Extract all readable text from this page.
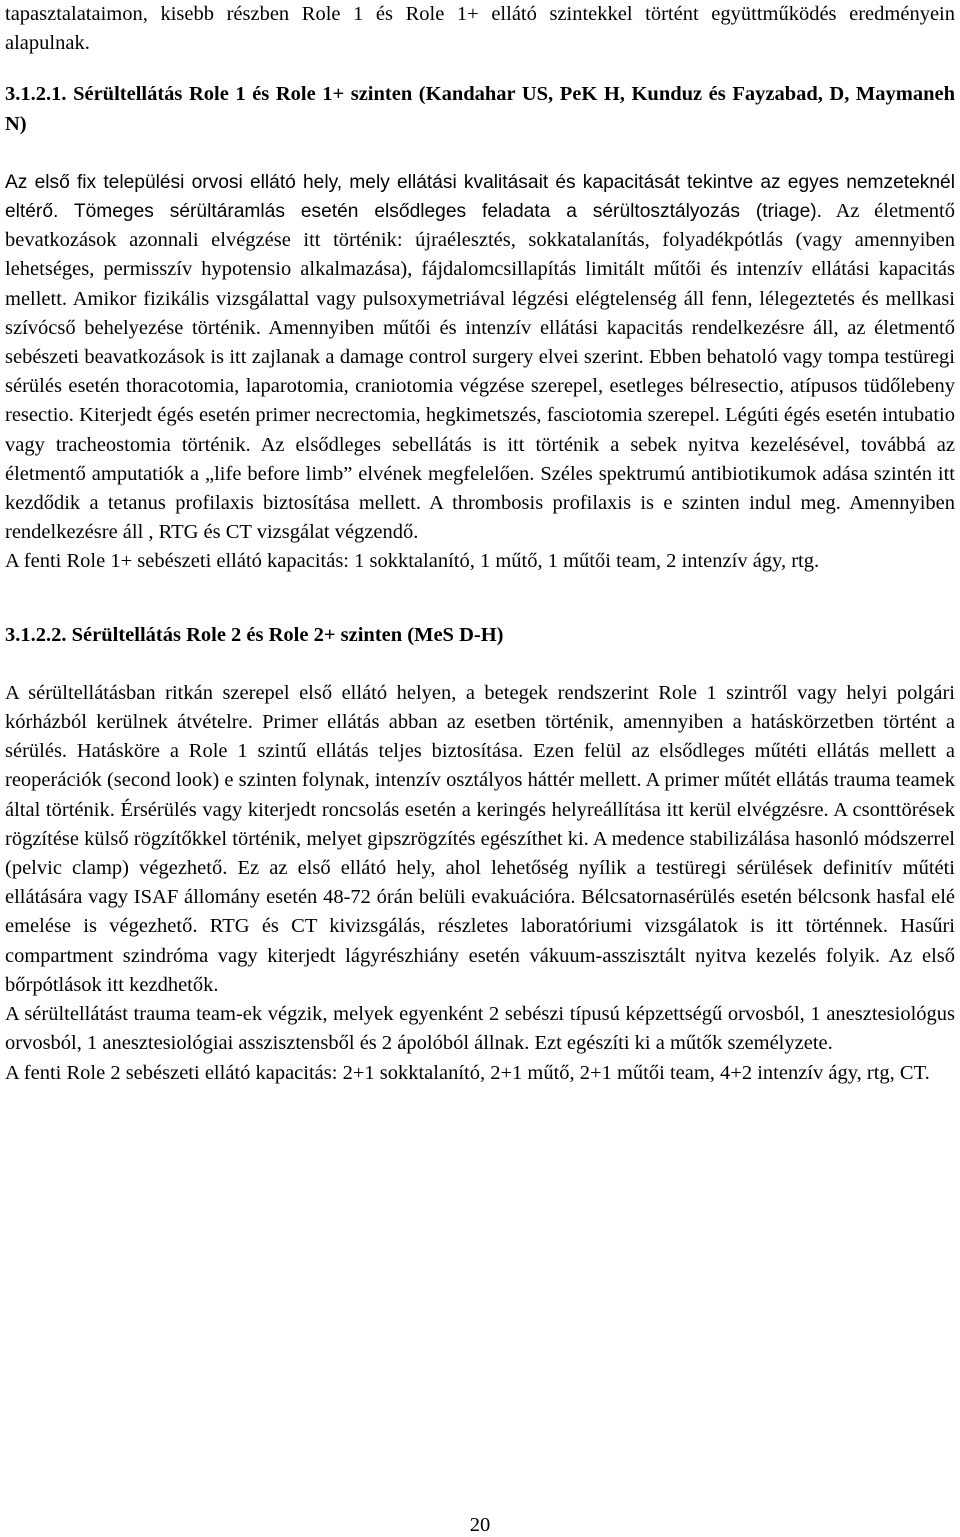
tapasztalataimon, kisebb részben Role 1 és Role 1+ ellátó szintekkel történt együttműködés eredményein alapulnak.

3.1.2.1. Sérültellátás Role 1 és Role 1+ szinten (Kandahar US, PeK H, Kunduz és Fayzabad, D, Maymaneh N)

Az első fix települési orvosi ellátó hely, mely ellátási kvalitásait és kapacitását tekintve az egyes nemzeteknél eltérő. Tömeges sérültáramlás esetén elsődleges feladata a sérültosztályozás (triage). Az életmentő bevatkozások azonnali elvégzése itt történik: újraélesztés, sokkatalanítás, folyadékpótlás (vagy amennyiben lehetséges, permisszív hypotensio alkalmazása), fájdalomcsillapítás limitált műtői és intenzív ellátási kapacitás mellett. Amikor fizikális vizsgálattal vagy pulsoxymetriával légzési elégtelenség áll fenn, lélegeztetés és mellkasi szívócső behelyezése történik. Amennyiben műtői és intenzív ellátási kapacitás rendelkezésre áll, az életmentő sebészeti beavatkozások is itt zajlanak a damage control surgery elvei szerint. Ebben behatoló vagy tompa testüregi sérülés esetén thoracotomia, laparotomia, craniotomia végzése szerepel, esetleges bélresectio, atípusos tüdőlebeny resectio. Kiterjedt égés esetén primer necrectomia, hegkimetszés, fasciotomia szerepel. Légúti égés esetén intubatio vagy tracheostomia történik. Az elsődleges sebellátás is itt történik a sebek nyitva kezelésével, továbbá az életmentő amputatiók a „life before limb” elvének megfelelően. Széles spektrumú antibiotikumok adása szintén itt kezdődik a tetanus profilaxis biztosítása mellett. A thrombosis profilaxis is e szinten indul meg. Amennyiben rendelkezésre áll , RTG és CT vizsgálat végzendő.

A fenti Role 1+ sebészeti ellátó kapacitás: 1 sokktalanító, 1 műtő, 1 műtői team, 2 intenzív ágy, rtg.

3.1.2.2. Sérültellátás Role 2 és Role 2+ szinten (MeS D-H)

A sérültellátásban ritkán szerepel első ellátó helyen, a betegek rendszerint Role 1 szintről vagy helyi polgári kórházból kerülnek átvételre. Primer ellátás abban az esetben történik, amennyiben a hatáskörzetben történt a sérülés. Hatásköre a Role 1 szintű ellátás teljes biztosítása. Ezen felül az elsődleges műtéti ellátás mellett a reoperációk (second look) e szinten folynak, intenzív osztályos háttér mellett. A primer műtét ellátás trauma teamek által történik. Érsérülés vagy kiterjedt roncsolás esetén a keringés helyreállítása itt kerül elvégzésre. A csonttörések rögzítése külső rögzítőkkel történik, melyet gipszrögzítés egészíthet ki. A medence stabilizálása hasonló módszerrel (pelvic clamp) végezhető. Ez az első ellátó hely, ahol lehetőség nyílik a testüregi sérülések definitív műtéti ellátására vagy ISAF állomány esetén 48-72 órán belüli evakuációra. Bélcsatornasérülés esetén bélcsonk hasfal elé emelése is végezhető. RTG és CT kivizsgálás, részletes laboratóriumi vizsgálatok is itt történnek. Hasűri compartment szindróma vagy kiterjedt lágyrészhiány esetén vákuum-asszisztált nyitva kezelés folyik. Az első bőrpótlások itt kezdhetők.

A sérültellátást trauma team-ek végzik, melyek egyenként 2 sebészi típusú képzettségű orvosból, 1 anesztesiológus orvosból, 1 anesztesiológiai asszisztensből és 2 ápolóból állnak. Ezt egészíti ki a műtők személyzete.

A fenti Role 2 sebészeti ellátó kapacitás: 2+1 sokktalanító, 2+1 műtő, 2+1 műtői team, 4+2 intenzív ágy, rtg, CT.

20
